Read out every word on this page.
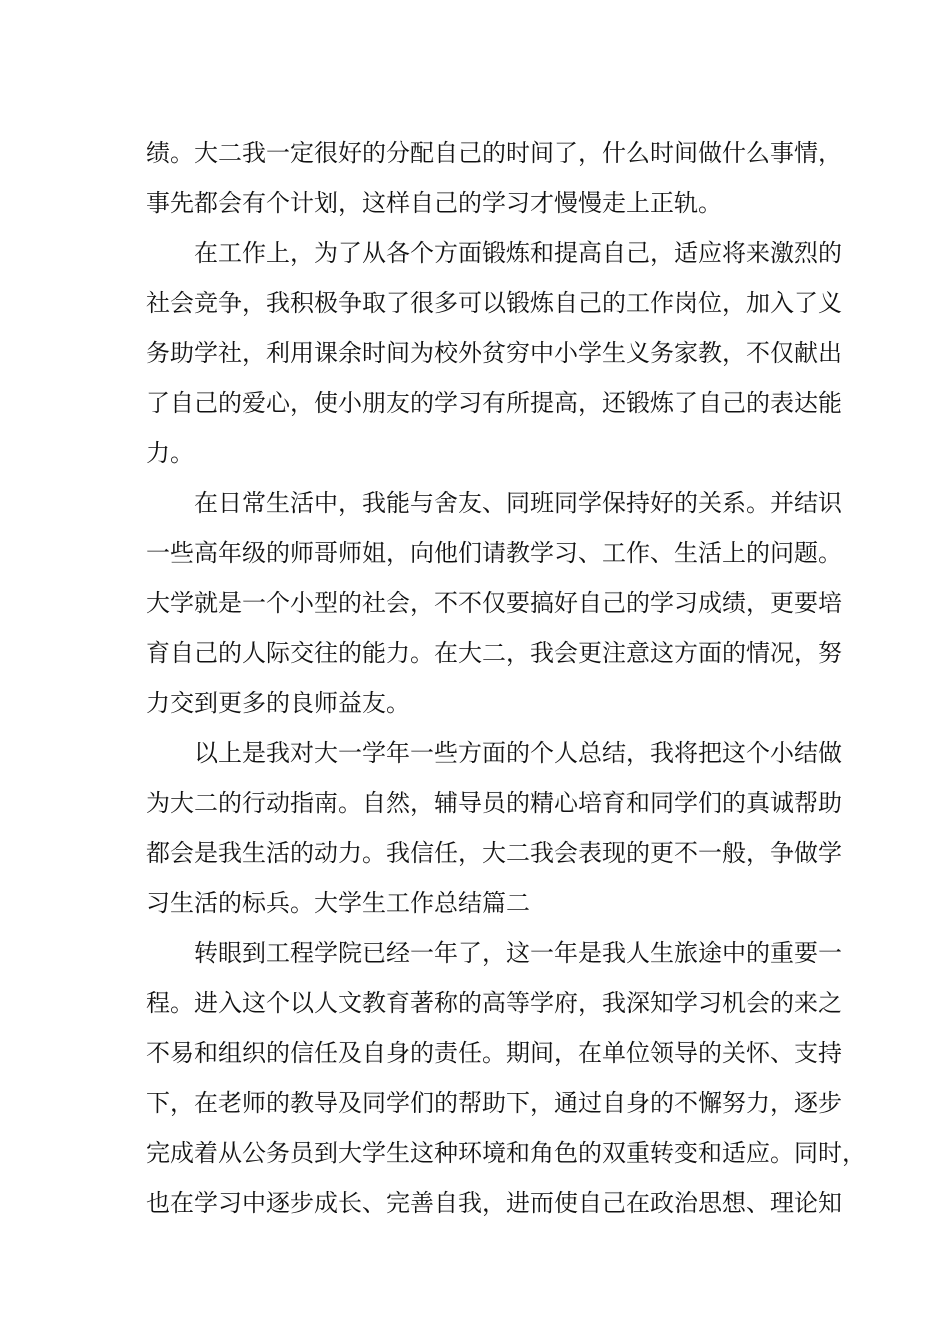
绩。大二我一定很好的分配自己的时间了，什么时间做什么事情，
事先都会有个计划，这样自己的学习才慢慢走上正轨。
在工作上，为了从各个方面锻炼和提高自己，适应将来激烈的
社会竞争，我积极争取了很多可以锻炼自己的工作岗位，加入了义
务助学社，利用课余时间为校外贫穷中小学生义务家教，不仅献出
了自己的爱心，使小朋友的学习有所提高，还锻炼了自己的表达能
力。
在日常生活中，我能与舍友、同班同学保持好的关系。并结识
一些高年级的师哥师姐，向他们请教学习、工作、生活上的问题。
大学就是一个小型的社会，不不仅要搞好自己的学习成绩，更要培
育自己的人际交往的能力。在大二，我会更注意这方面的情况，努
力交到更多的良师益友。
以上是我对大一学年一些方面的个人总结，我将把这个小结做
为大二的行动指南。自然，辅导员的精心培育和同学们的真诚帮助
都会是我生活的动力。我信任，大二我会表现的更不一般，争做学
习生活的标兵。大学生工作总结篇二
转眼到工程学院已经一年了，这一年是我人生旅途中的重要一
程。进入这个以人文教育著称的高等学府，我深知学习机会的来之
不易和组织的信任及自身的责任。期间，在单位领导的关怀、支持
下，在老师的教导及同学们的帮助下，通过自身的不懈努力，逐步
完成着从公务员到大学生这种环境和角色的双重转变和适应。同时，
也在学习中逐步成长、完善自我，进而使自己在政治思想、理论知
